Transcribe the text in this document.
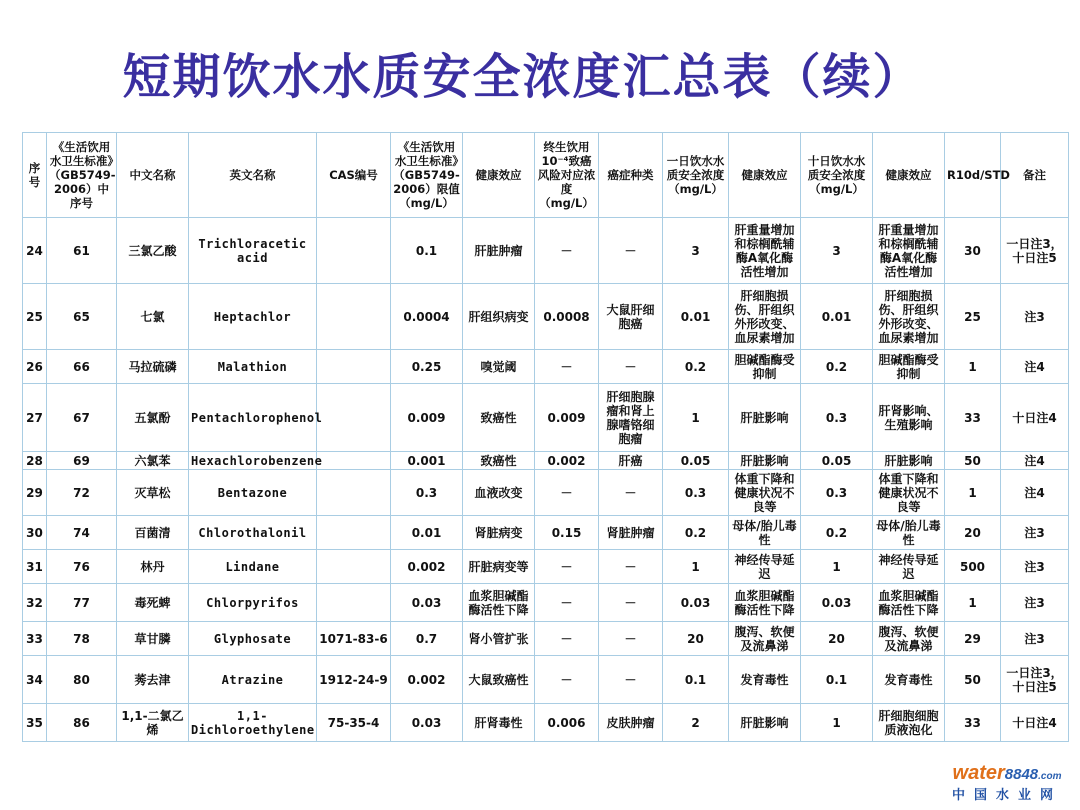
短期饮水水质安全浓度汇总表（续）
序号	《生活饮用水卫生标准》（GB5749-2006）中序号	中文名称	英文名称	CAS编号	《生活饮用水卫生标准》（GB5749-2006）限值（mg/L）	健康效应	终生饮用10⁻⁴致癌风险对应浓度（mg/L）	癌症种类	一日饮水水质安全浓度（mg/L）	健康效应	十日饮水水质安全浓度（mg/L）	健康效应	R10d/STD	备注
24	61	三氯乙酸	Trichloracetic acid		0.1	肝脏肿瘤	－	－	3	肝重量增加和棕榈酰辅酶A氧化酶活性增加	3	肝重量增加和棕榈酰辅酶A氧化酶活性增加	30	一日注3，十日注5
25	65	七氯	Heptachlor		0.0004	肝组织病变	0.0008	大鼠肝细胞癌	0.01	肝细胞损伤、肝组织外形改变、血尿素增加	0.01	肝细胞损伤、肝组织外形改变、血尿素增加	25	注3
26	66	马拉硫磷	Malathion		0.25	嗅觉阈	－	－	0.2	胆碱酯酶受抑制	0.2	胆碱酯酶受抑制	1	注4
27	67	五氯酚	Pentachlorophenol		0.009	致癌性	0.009	肝细胞腺瘤和肾上腺嗜铬细胞瘤	1	肝脏影响	0.3	肝肾影响、生殖影响	33	十日注4
28	69	六氯苯	Hexachlorobenzene		0.001	致癌性	0.002	肝癌	0.05	肝脏影响	0.05	肝脏影响	50	注4
29	72	灭草松	Bentazone		0.3	血液改变	－	－	0.3	体重下降和健康状况不良等	0.3	体重下降和健康状况不良等	1	注4
30	74	百菌清	Chlorothalonil		0.01	肾脏病变	0.15	肾脏肿瘤	0.2	母体/胎儿毒性	0.2	母体/胎儿毒性	20	注3
31	76	林丹	Lindane		0.002	肝脏病变等	－	－	1	神经传导延迟	1	神经传导延迟	500	注3
32	77	毒死蜱	Chlorpyrifos		0.03	血浆胆碱酯酶活性下降	－	－	0.03	血浆胆碱酯酶活性下降	0.03	血浆胆碱酯酶活性下降	1	注3
33	78	草甘膦	Glyphosate	1071-83-6	0.7	肾小管扩张	－	－	20	腹泻、软便及流鼻涕	20	腹泻、软便及流鼻涕	29	注3
34	80	莠去津	Atrazine	1912-24-9	0.002	大鼠致癌性	－	－	0.1	发育毒性	0.1	发育毒性	50	一日注3，十日注5
35	86	1,1-二氯乙烯	1,1-Dichloroethylene	75-35-4	0.03	肝肾毒性	0.006	皮肤肿瘤	2	肝脏影响	1	肝细胞细胞质液泡化	33	十日注4
water8848.com
中国水业网
